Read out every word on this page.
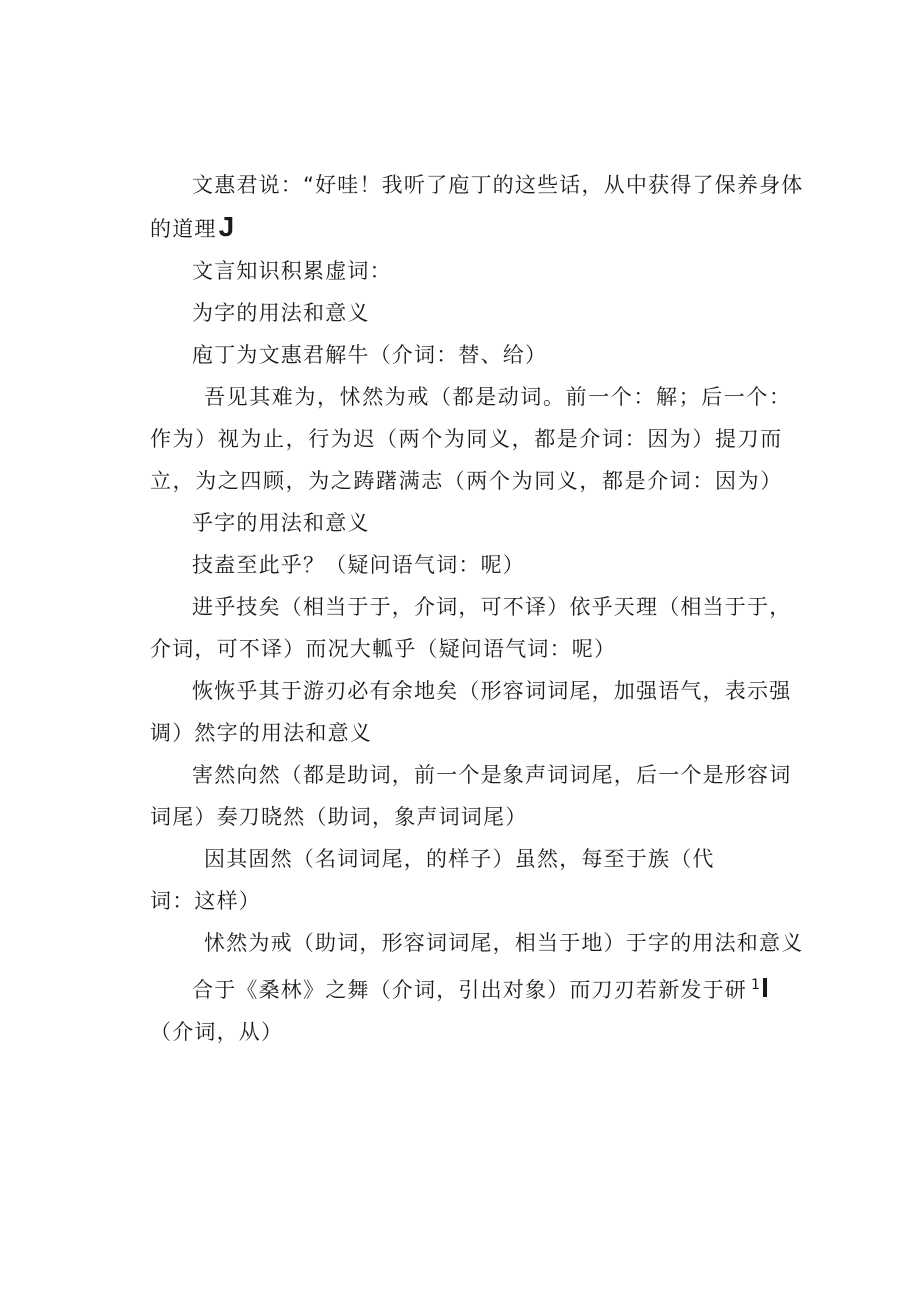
文惠君说：“好哇！我听了庖丁的这些话，从中获得了保养身体的道理J

文言知识积累虚词：

为字的用法和意义

庖丁为文惠君解牛（介词：替、给）

吾见其难为，怵然为戒（都是动词。前一个：解；后一个：作为）视为止，行为迟（两个为同义，都是介词：因为）提刀而立，为之四顾，为之踌躇满志（两个为同义，都是介词：因为）

乎字的用法和意义

技盍至此乎？（疑问语气词：呢）

进乎技矣（相当于于，介词，可不译）依乎天理（相当于于，介词，可不译）而况大軱乎（疑问语气词：呢）

恢恢乎其于游刃必有余地矣（形容词词尾，加强语气，表示强调）然字的用法和意义

害然向然（都是助词，前一个是象声词词尾，后一个是形容词词尾）奏刀晓然（助词，象声词词尾）

因其固然（名词词尾，的样子）虽然，每至于族（代词：这样）

怵然为戒（助词，形容词词尾，相当于地）于字的用法和意义

合于《桑林》之舞（介词，引出对象）而刀刃若新发于研 $^1$I（介词，从）
